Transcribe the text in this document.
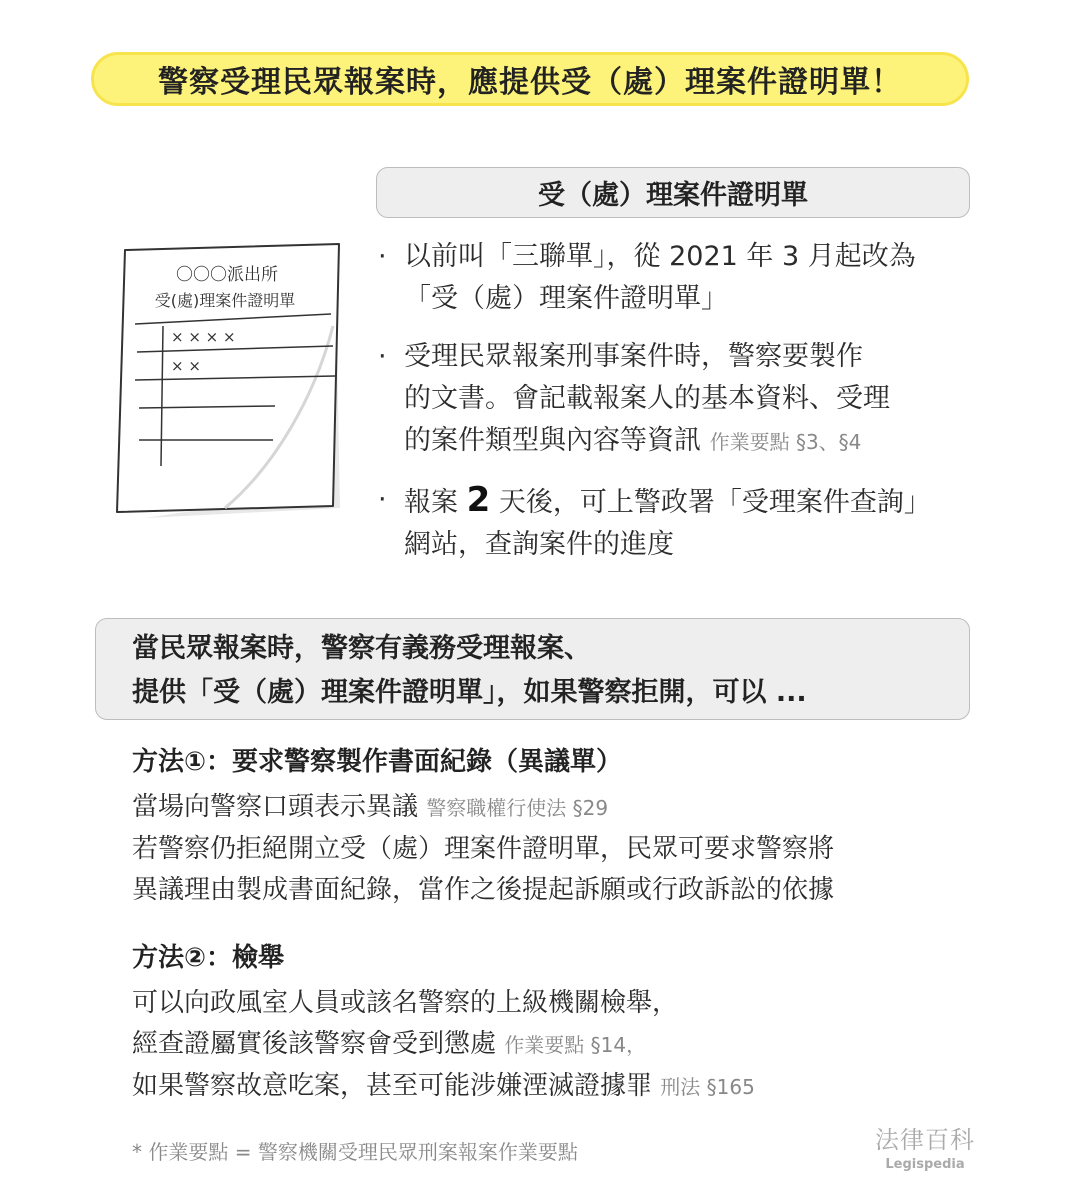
警察受理民眾報案時，應提供受（處）理案件證明單！
受（處）理案件證明單
〇〇〇派出所
受(處)理案件證明單
× × × ×
× ×
· 以前叫「三聯單」，從 2021 年 3 月起改為
「受（處）理案件證明單」
· 受理民眾報案刑事案件時，警察要製作
的文書。會記載報案人的基本資料、受理
的案件類型與內容等資訊 作業要點 §3、§4
· 報案 2 天後，可上警政署「受理案件查詢」
網站，查詢案件的進度
當民眾報案時，警察有義務受理報案、
提供「受（處）理案件證明單」，如果警察拒開，可以 ...
方法①：要求警察製作書面紀錄（異議單）
當場向警察口頭表示異議 警察職權行使法 §29
若警察仍拒絕開立受（處）理案件證明單，民眾可要求警察將
異議理由製成書面紀錄，當作之後提起訴願或行政訴訟的依據
方法②：檢舉
可以向政風室人員或該名警察的上級機關檢舉，
經查證屬實後該警察會受到懲處 作業要點 §14，
如果警察故意吃案，甚至可能涉嫌湮滅證據罪 刑法 §165
* 作業要點 = 警察機關受理民眾刑案報案作業要點	法律百科
Legispedia
